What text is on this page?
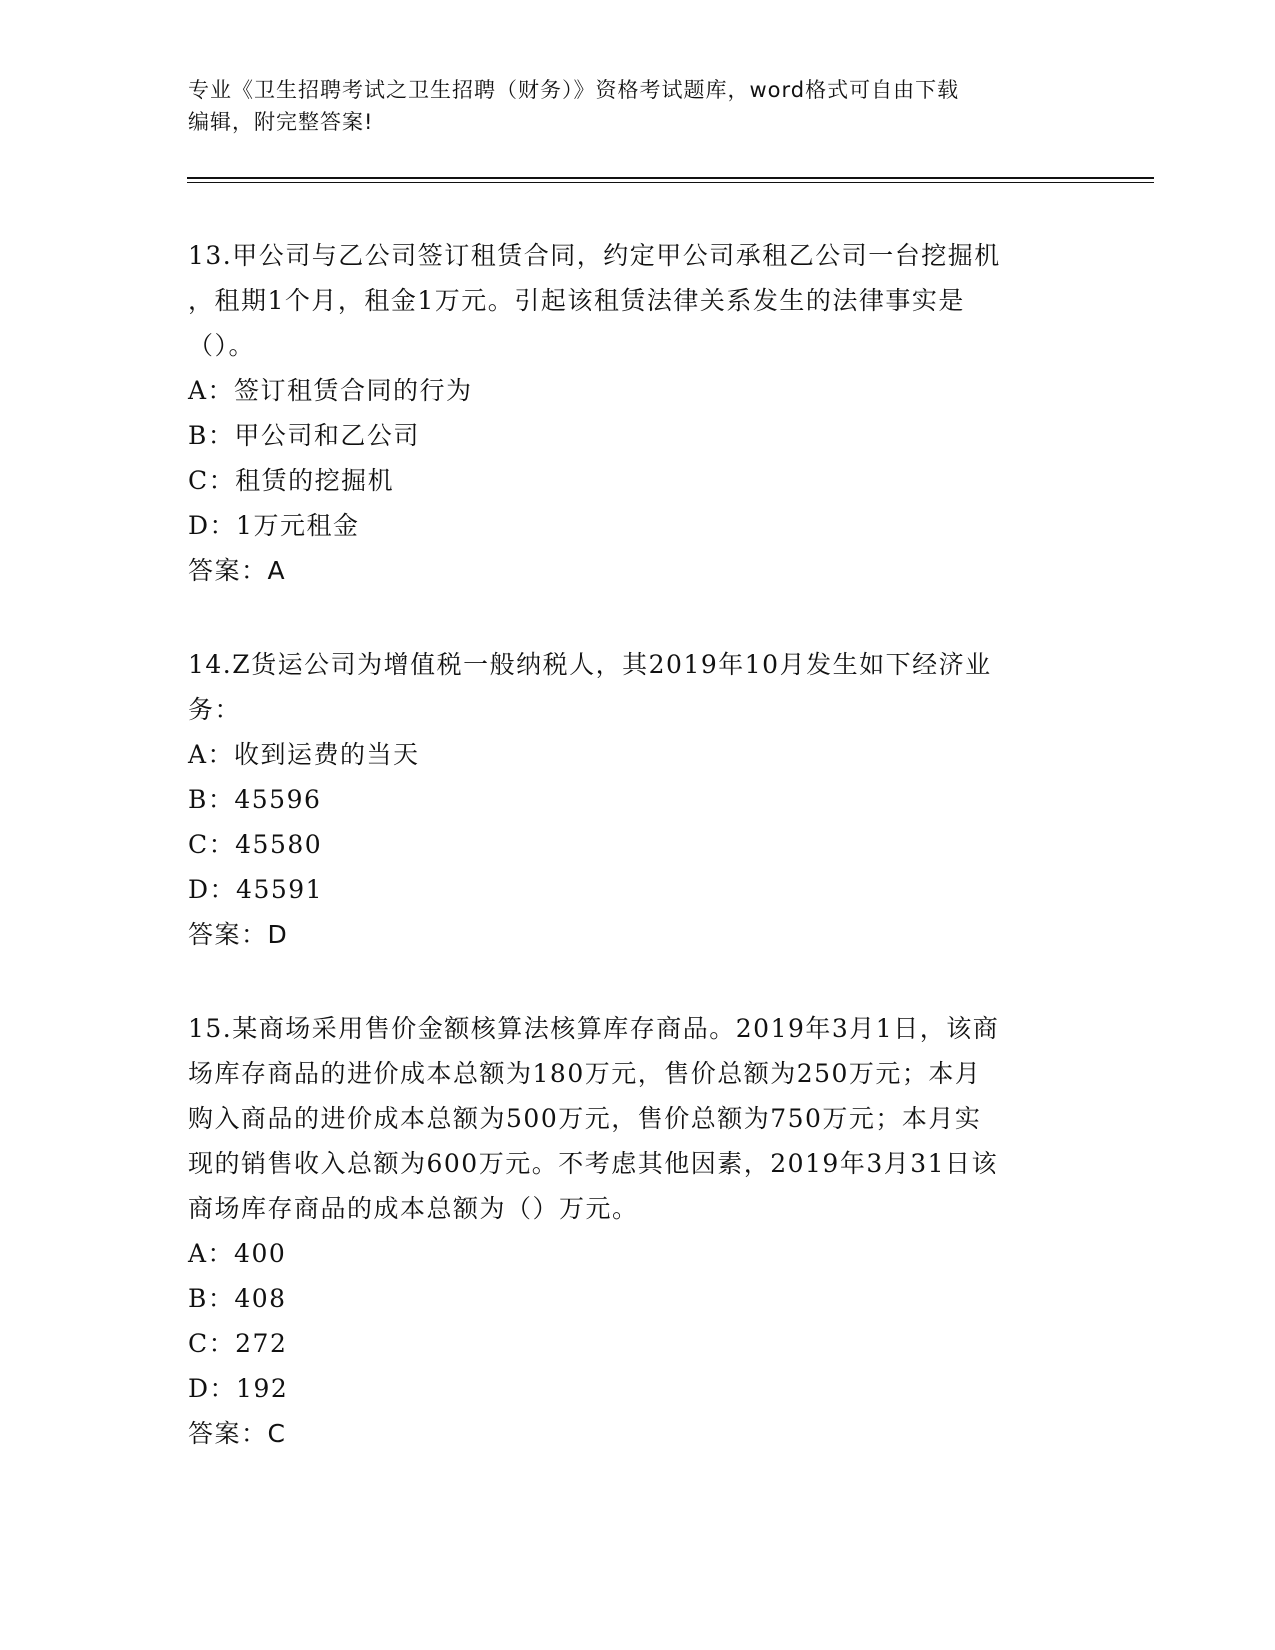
专业《卫生招聘考试之卫生招聘（财务）》资格考试题库，word格式可自由下载
编辑，附完整答案!
13.甲公司与乙公司签订租赁合同，约定甲公司承租乙公司一台挖掘机
，租期1个月，租金1万元。引起该租赁法律关系发生的法律事实是
（）。
A：签订租赁合同的行为
B：甲公司和乙公司
C：租赁的挖掘机
D：1万元租金
答案：A
14.Z货运公司为增值税一般纳税人，其2019年10月发生如下经济业
务：
A：收到运费的当天
B：45596
C：45580
D：45591
答案：D
15.某商场采用售价金额核算法核算库存商品。2019年3月1日，该商
场库存商品的进价成本总额为180万元，售价总额为250万元；本月
购入商品的进价成本总额为500万元，售价总额为750万元；本月实
现的销售收入总额为600万元。不考虑其他因素，2019年3月31日该
商场库存商品的成本总额为（）万元。
A：400
B：408
C：272
D：192
答案：C
